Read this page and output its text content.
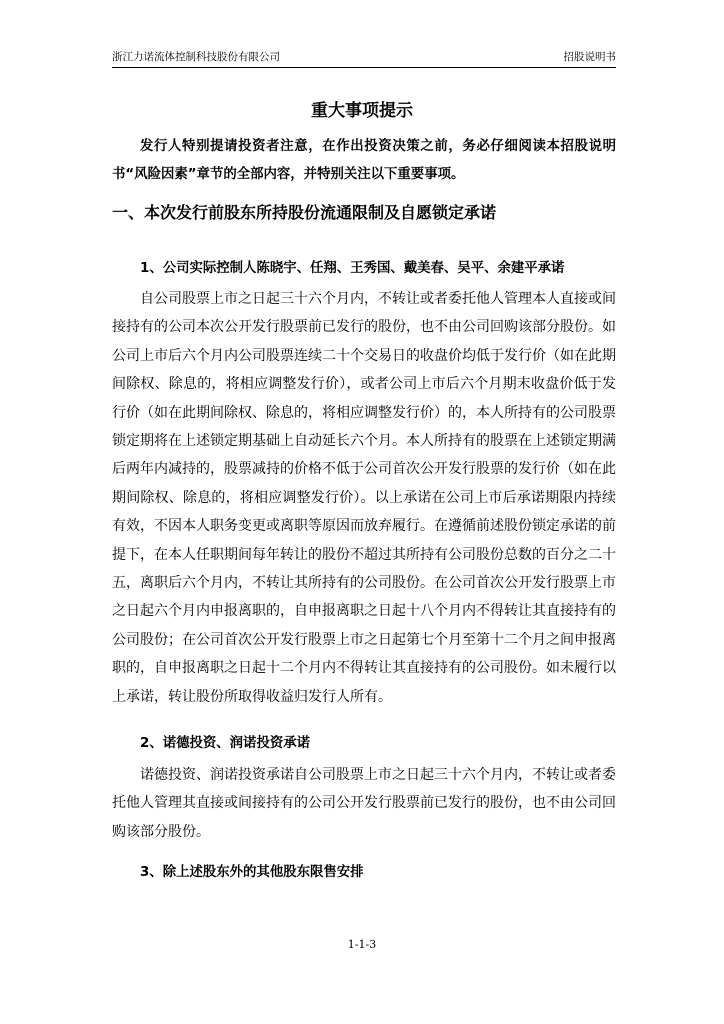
浙江力诺流体控制科技股份有限公司	招股说明书
重大事项提示

发行人特别提请投资者注意，在作出投资决策之前，务必仔细阅读本招股说明书“风险因素”章节的全部内容，并特别关注以下重要事项。

一、本次发行前股东所持股份流通限制及自愿锁定承诺
1、公司实际控制人陈晓宇、任翔、王秀国、戴美春、吴平、余建平承诺

自公司股票上市之日起三十六个月内，不转让或者委托他人管理本人直接或间接持有的公司本次公开发行股票前已发行的股份，也不由公司回购该部分股份。如公司上市后六个月内公司股票连续二十个交易日的收盘价均低于发行价（如在此期间除权、除息的，将相应调整发行价），或者公司上市后六个月期末收盘价低于发行价（如在此期间除权、除息的，将相应调整发行价）的，本人所持有的公司股票锁定期将在上述锁定期基础上自动延长六个月。本人所持有的股票在上述锁定期满后两年内减持的，股票减持的价格不低于公司首次公开发行股票的发行价（如在此期间除权、除息的，将相应调整发行价）。以上承诺在公司上市后承诺期限内持续有效，不因本人职务变更或离职等原因而放弃履行。在遵循前述股份锁定承诺的前提下，在本人任职期间每年转让的股份不超过其所持有公司股份总数的百分之二十五，离职后六个月内，不转让其所持有的公司股份。在公司首次公开发行股票上市之日起六个月内申报离职的，自申报离职之日起十八个月内不得转让其直接持有的公司股份；在公司首次公开发行股票上市之日起第七个月至第十二个月之间申报离职的，自申报离职之日起十二个月内不得转让其直接持有的公司股份。如未履行以上承诺，转让股份所取得收益归发行人所有。

2、诺德投资、润诺投资承诺

诺德投资、润诺投资承诺自公司股票上市之日起三十六个月内，不转让或者委托他人管理其直接或间接持有的公司公开发行股票前已发行的股份，也不由公司回购该部分股份。

3、除上述股东外的其他股东限售安排
1-1-3
